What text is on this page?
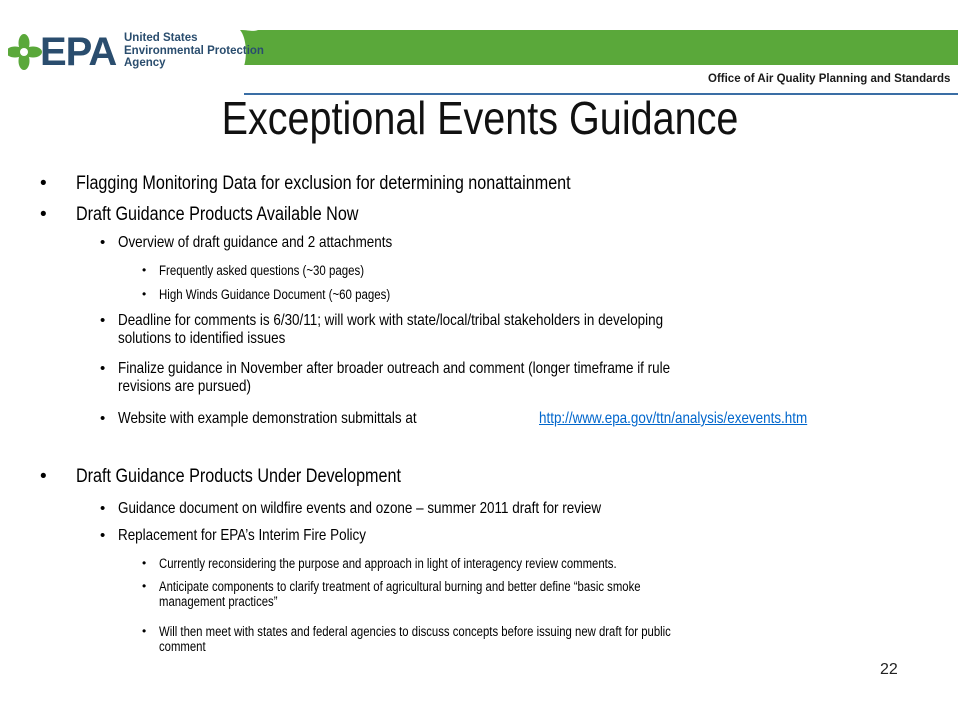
EPA United States
Environmental Protection
Agency
Office of Air Quality Planning and Standards
Exceptional Events Guidance
• Flagging Monitoring Data for exclusion for determining nonattainment
• Draft Guidance Products Available Now
• Overview of draft guidance and 2 attachments
• Frequently asked questions (~30 pages)
• High Winds Guidance Document (~60 pages)
• Deadline for comments is 6/30/11; will work with state/local/tribal stakeholders in developing
solutions to identified issues
• Finalize guidance in November after broader outreach and comment (longer timeframe if rule
revisions are pursued)
• Website with example demonstration submittals at	http://www.epa.gov/ttn/analysis/exevents.htm
• Draft Guidance Products Under Development
• Guidance document on wildfire events and ozone – summer 2011 draft for review
• Replacement for EPA’s Interim Fire Policy
• Currently reconsidering the purpose and approach in light of interagency review comments.
• Anticipate components to clarify treatment of agricultural burning and better define “basic smoke
management practices”
• Will then meet with states and federal agencies to discuss concepts before issuing new draft for public
comment
22
